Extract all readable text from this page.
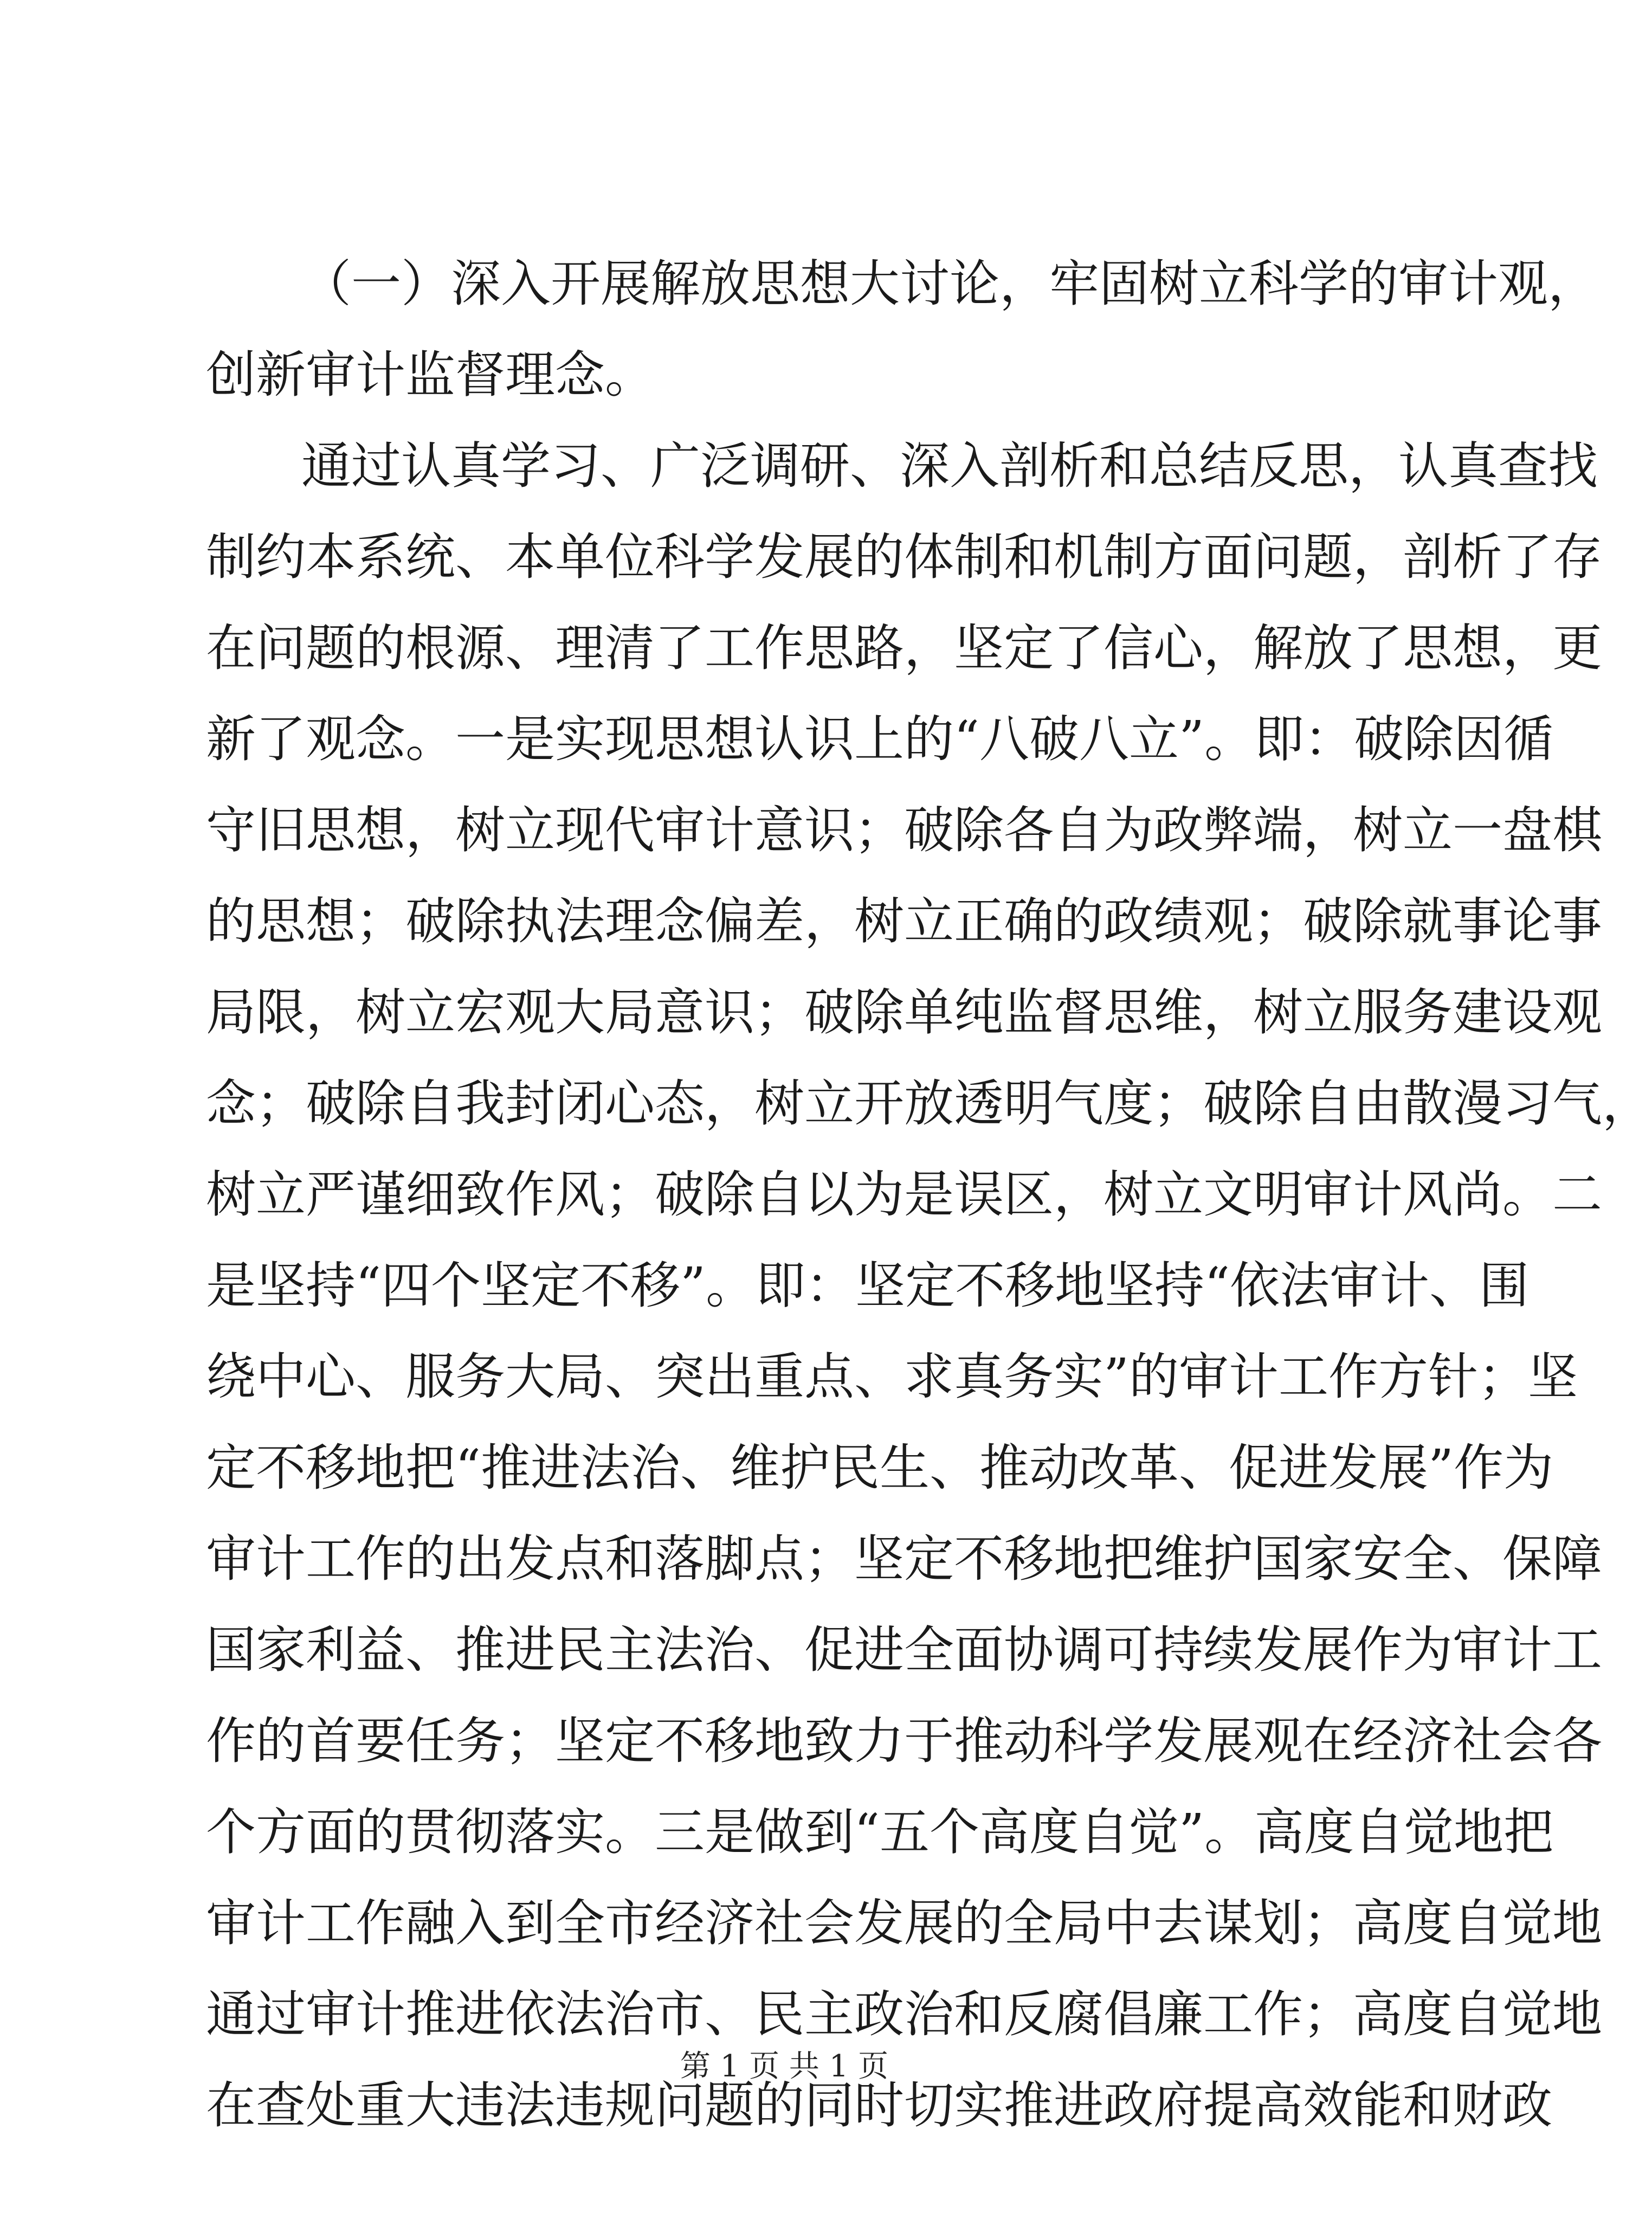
（一）深入开展解放思想大讨论，牢固树立科学的审计观，
创新审计监督理念。
通过认真学习、广泛调研、深入剖析和总结反思，认真查找
制约本系统、本单位科学发展的体制和机制方面问题，剖析了存
在问题的根源、理清了工作思路，坚定了信心，解放了思想，更
新了观念。一是实现思想认识上的“八破八立”。即：破除因循
守旧思想，树立现代审计意识；破除各自为政弊端，树立一盘棋
的思想；破除执法理念偏差，树立正确的政绩观；破除就事论事
局限，树立宏观大局意识；破除单纯监督思维，树立服务建设观
念；破除自我封闭心态，树立开放透明气度；破除自由散漫习气，
树立严谨细致作风；破除自以为是误区，树立文明审计风尚。二
是坚持“四个坚定不移”。即：坚定不移地坚持“依法审计、围
绕中心、服务大局、突出重点、求真务实”的审计工作方针；坚
定不移地把“推进法治、维护民生、推动改革、促进发展”作为
审计工作的出发点和落脚点；坚定不移地把维护国家安全、保障
国家利益、推进民主法治、促进全面协调可持续发展作为审计工
作的首要任务；坚定不移地致力于推动科学发展观在经济社会各
个方面的贯彻落实。三是做到“五个高度自觉”。高度自觉地把
审计工作融入到全市经济社会发展的全局中去谋划；高度自觉地
通过审计推进依法治市、民主政治和反腐倡廉工作；高度自觉地
在查处重大违法违规问题的同时切实推进政府提高效能和财政
第 1 页 共 1 页
